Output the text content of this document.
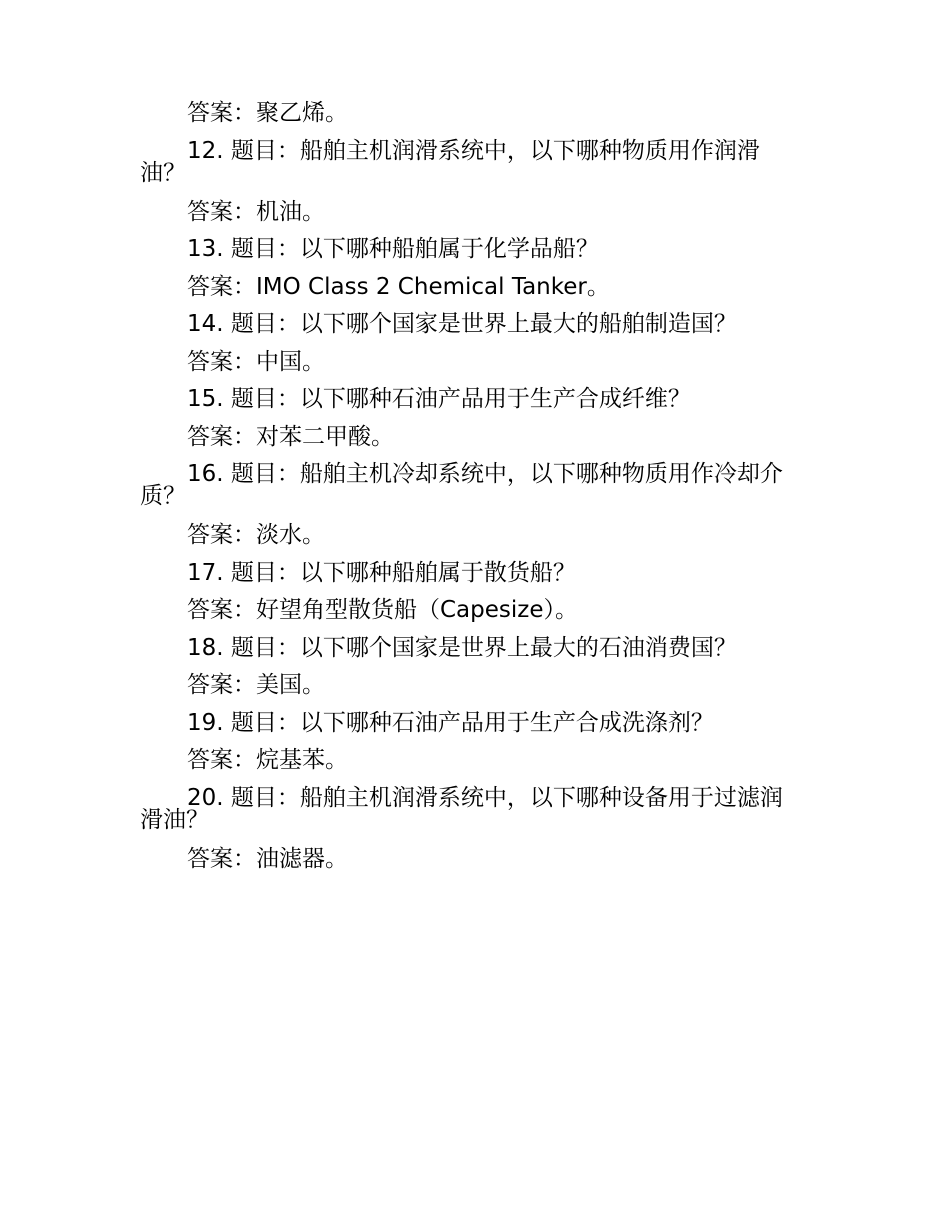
答案：聚乙烯。

12. 题目：船舶主机润滑系统中，以下哪种物质用作润滑油？

答案：机油。

13. 题目：以下哪种船舶属于化学品船？

答案：IMO Class 2 Chemical Tanker。

14. 题目：以下哪个国家是世界上最大的船舶制造国？

答案：中国。

15. 题目：以下哪种石油产品用于生产合成纤维？

答案：对苯二甲酸。

16. 题目：船舶主机冷却系统中，以下哪种物质用作冷却介质？

答案：淡水。

17. 题目：以下哪种船舶属于散货船？

答案：好望角型散货船（Capesize）。

18. 题目：以下哪个国家是世界上最大的石油消费国？

答案：美国。

19. 题目：以下哪种石油产品用于生产合成洗涤剂？

答案：烷基苯。

20. 题目：船舶主机润滑系统中，以下哪种设备用于过滤润滑油？

答案：油滤器。
